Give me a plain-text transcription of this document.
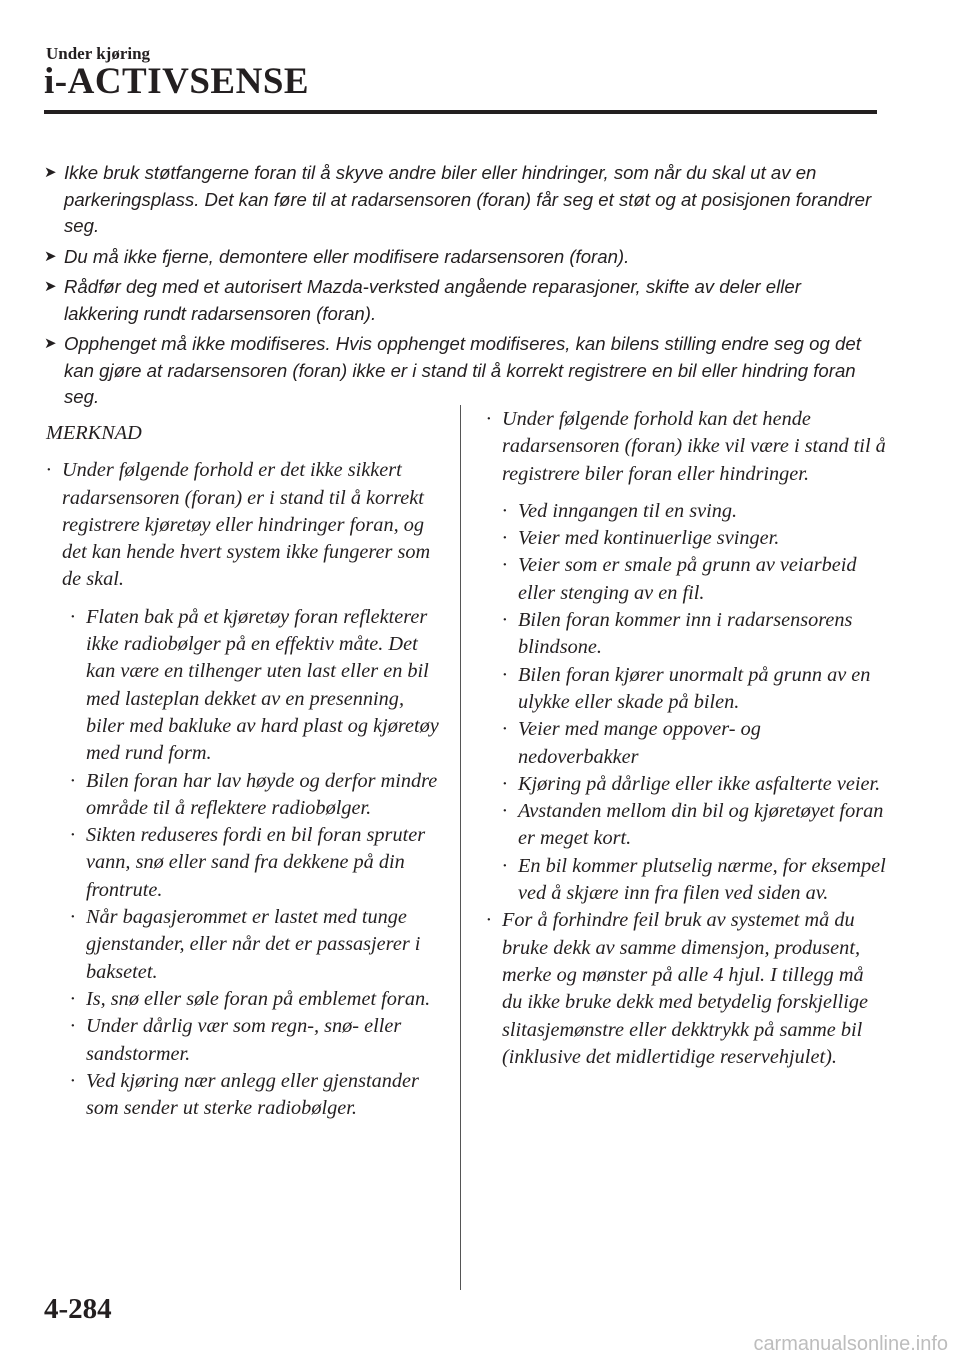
Under kjøring
i-ACTIVSENSE
➤ Ikke bruk støtfangerne foran til å skyve andre biler eller hindringer, som når du skal ut av en parkeringsplass. Det kan føre til at radarsensoren (foran) får seg et støt og at posisjonen forandrer seg.
➤ Du må ikke fjerne, demontere eller modifisere radarsensoren (foran).
➤ Rådfør deg med et autorisert Mazda-verksted angående reparasjoner, skifte av deler eller lakkering rundt radarsensoren (foran).
➤ Opphenget må ikke modifiseres. Hvis opphenget modifiseres, kan bilens stilling endre seg og det kan gjøre at radarsensoren (foran) ikke er i stand til å korrekt registrere en bil eller hindring foran seg.
MERKNAD
· Under følgende forhold er det ikke sikkert radarsensoren (foran) er i stand til å korrekt registrere kjøretøy eller hindringer foran, og det kan hende hvert system ikke fungerer som de skal.
· Flaten bak på et kjøretøy foran reflekterer ikke radiobølger på en effektiv måte. Det kan være en tilhenger uten last eller en bil med lasteplan dekket av en presenning, biler med bakluke av hard plast og kjøretøy med rund form.
· Bilen foran har lav høyde og derfor mindre område til å reflektere radiobølger.
· Sikten reduseres fordi en bil foran spruter vann, snø eller sand fra dekkene på din frontrute.
· Når bagasjerommet er lastet med tunge gjenstander, eller når det er passasjerer i baksetet.
· Is, snø eller søle foran på emblemet foran.
· Under dårlig vær som regn-, snø- eller sandstormer.
· Ved kjøring nær anlegg eller gjenstander som sender ut sterke radiobølger.
· Under følgende forhold kan det hende radarsensoren (foran) ikke vil være i stand til å registrere biler foran eller hindringer.
· Ved inngangen til en sving.
· Veier med kontinuerlige svinger.
· Veier som er smale på grunn av veiarbeid eller stenging av en fil.
· Bilen foran kommer inn i radarsensorens blindsone.
· Bilen foran kjører unormalt på grunn av en ulykke eller skade på bilen.
· Veier med mange oppover- og nedoverbakker
· Kjøring på dårlige eller ikke asfalterte veier.
· Avstanden mellom din bil og kjøretøyet foran er meget kort.
· En bil kommer plutselig nærme, for eksempel ved å skjære inn fra filen ved siden av.
· For å forhindre feil bruk av systemet må du bruke dekk av samme dimensjon, produsent, merke og mønster på alle 4 hjul. I tillegg må du ikke bruke dekk med betydelig forskjellige slitasjemønstre eller dekktrykk på samme bil (inklusive det midlertidige reservehjulet).
4-284
carmanualsonline.info
